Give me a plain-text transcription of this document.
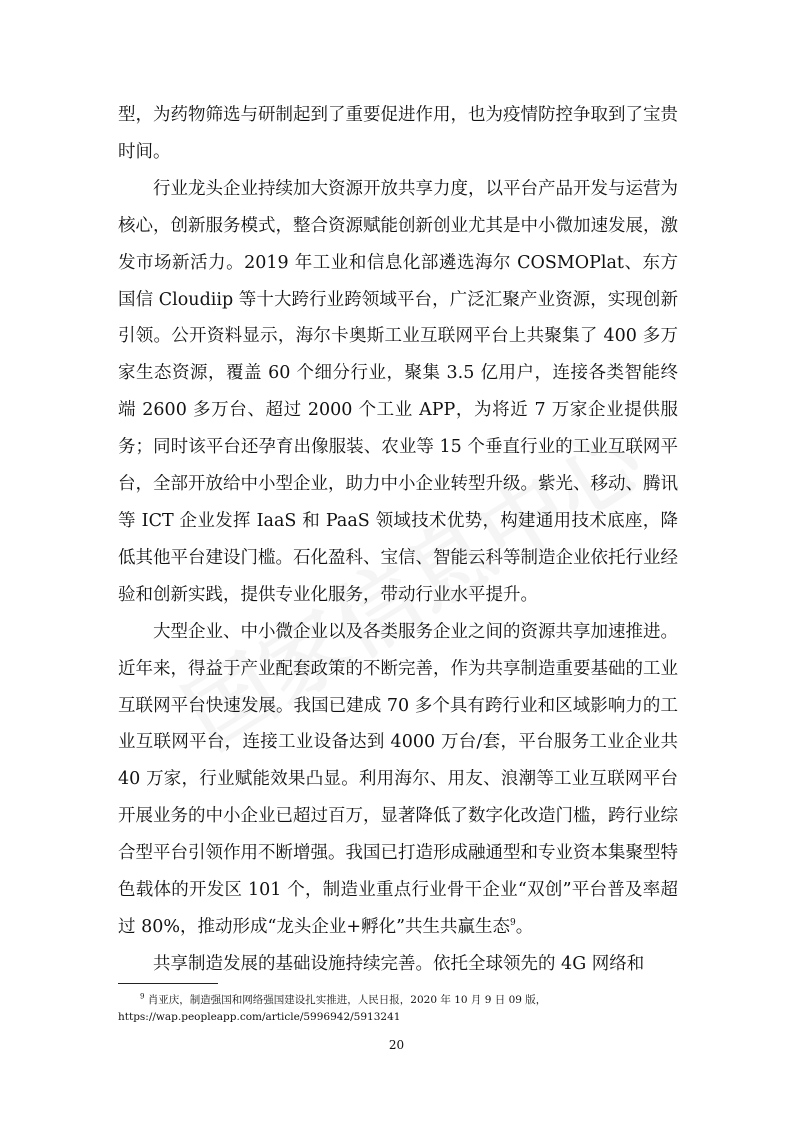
型，为药物筛选与研制起到了重要促进作用，也为疫情防控争取到了宝贵时间。

行业龙头企业持续加大资源开放共享力度，以平台产品开发与运营为核心，创新服务模式，整合资源赋能创新创业尤其是中小微加速发展，激发市场新活力。2019 年工业和信息化部遴选海尔 COSMOPlat、东方国信 Cloudiip 等十大跨行业跨领域平台，广泛汇聚产业资源，实现创新引领。公开资料显示，海尔卡奥斯工业互联网平台上共聚集了 400 多万家生态资源，覆盖 60 个细分行业，聚集 3.5 亿用户，连接各类智能终端 2600 多万台、超过 2000 个工业 APP，为将近 7 万家企业提供服务；同时该平台还孕育出像服装、农业等 15 个垂直行业的工业互联网平台，全部开放给中小型企业，助力中小企业转型升级。紫光、移动、腾讯等 ICT 企业发挥 IaaS 和 PaaS 领域技术优势，构建通用技术底座，降低其他平台建设门槛。石化盈科、宝信、智能云科等制造企业依托行业经验和创新实践，提供专业化服务，带动行业水平提升。

大型企业、中小微企业以及各类服务企业之间的资源共享加速推进。近年来，得益于产业配套政策的不断完善，作为共享制造重要基础的工业互联网平台快速发展。我国已建成 70 多个具有跨行业和区域影响力的工业互联网平台，连接工业设备达到 4000 万台/套，平台服务工业企业共 40 万家，行业赋能效果凸显。利用海尔、用友、浪潮等工业互联网平台开展业务的中小企业已超过百万，显著降低了数字化改造门槛，跨行业综合型平台引领作用不断增强。我国已打造形成融通型和专业资本集聚型特色载体的开发区 101 个，制造业重点行业骨干企业“双创”平台普及率超过 80%，推动形成“龙头企业+孵化”共生共赢生态$^9$。

共享制造发展的基础设施持续完善。依托全球领先的 4G 网络和

$^9$ 肖亚庆，制造强国和网络强国建设扎实推进，人民日报，2020 年 10 月 9 日 09 版，
https://wap.peopleapp.com/article/5996942/5913241
20
